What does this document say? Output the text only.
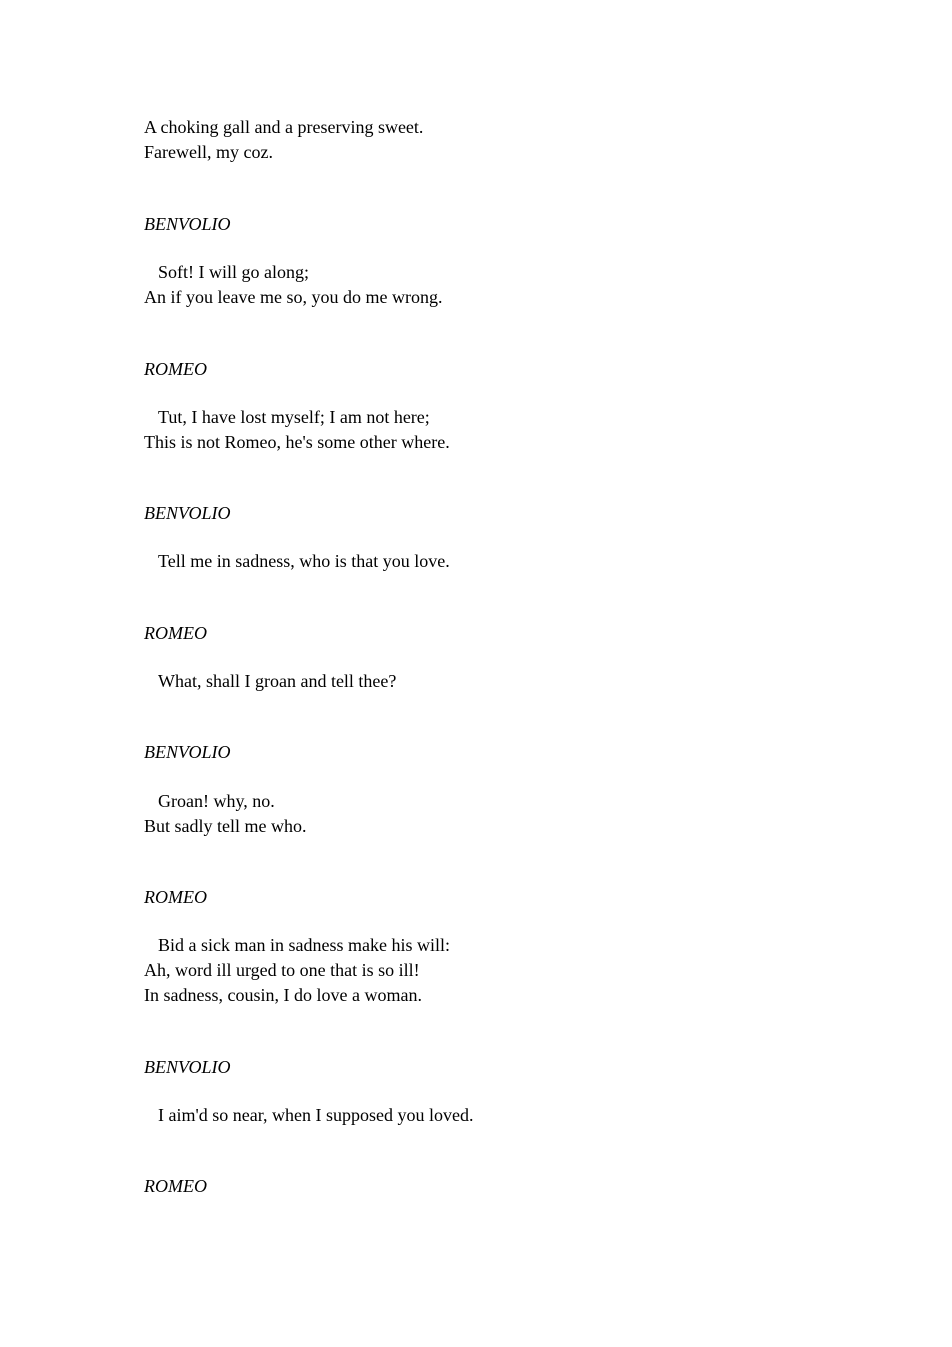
A choking gall and a preserving sweet.
Farewell, my coz.
BENVOLIO
Soft! I will go along;
An if you leave me so, you do me wrong.
ROMEO
Tut, I have lost myself; I am not here;
This is not Romeo, he's some other where.
BENVOLIO
Tell me in sadness, who is that you love.
ROMEO
What, shall I groan and tell thee?
BENVOLIO
Groan! why, no.
But sadly tell me who.
ROMEO
Bid a sick man in sadness make his will:
Ah, word ill urged to one that is so ill!
In sadness, cousin, I do love a woman.
BENVOLIO
I aim'd so near, when I supposed you loved.
ROMEO
